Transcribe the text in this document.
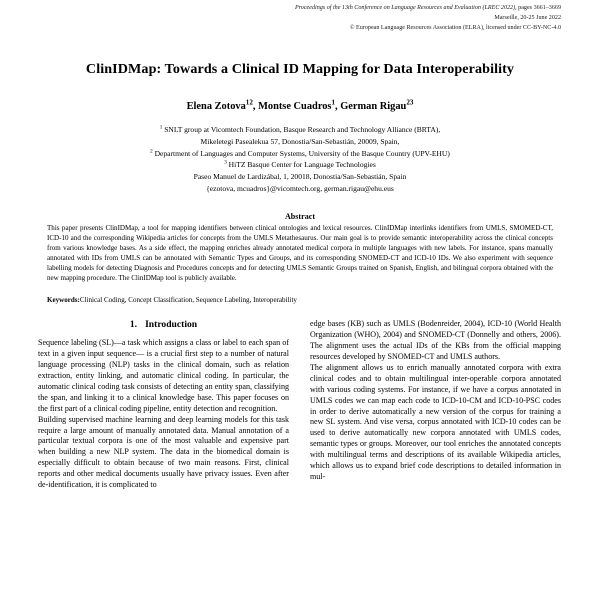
Proceedings of the 13th Conference on Language Resources and Evaluation (LREC 2022), pages 3661–3669
Marseille, 20-25 June 2022
© European Language Resources Association (ELRA), licensed under CC-BY-NC-4.0
ClinIDMap: Towards a Clinical ID Mapping for Data Interoperability
Elena Zotova$^{12}$, Montse Cuadros$^1$, German Rigau$^{23}$
$^1$ SNLT group at Vicomtech Foundation, Basque Research and Technology Alliance (BRTA),
Mikeletegi Pasealekua 57, Donostia/San-Sebastián, 20009, Spain,
$^2$ Department of Languages and Computer Systems, University of the Basque Country (UPV-EHU)
$^3$ HiTZ Basque Center for Language Technologies
Paseo Manuel de Lardizábal, 1, 20018, Donostia/San-Sebastián, Spain
{ezotova, mcuadros}@vicomtech.org, german.rigau@ehu.eus
Abstract
This paper presents ClinIDMap, a tool for mapping identifiers between clinical ontologies and lexical resources. ClinIDMap interlinks identifiers from UMLS, SMOMED-CT, ICD-10 and the corresponding Wikipedia articles for concepts from the UMLS Metathesaurus. Our main goal is to provide semantic interoperability across the clinical concepts from various knowledge bases. As a side effect, the mapping enriches already annotated medical corpora in multiple languages with new labels. For instance, spans manually annotated with IDs from UMLS can be annotated with Semantic Types and Groups, and its corresponding SNOMED-CT and ICD-10 IDs. We also experiment with sequence labelling models for detecting Diagnosis and Procedures concepts and for detecting UMLS Semantic Groups trained on Spanish, English, and bilingual corpora obtained with the new mapping procedure. The ClinIDMap tool is publicly available.
Keywords:Clinical Coding, Concept Classification, Sequence Labeling, Interoperability
1. Introduction

Sequence labeling (SL)—a task which assigns a class or label to each span of text in a given input sequence— is a crucial first step to a number of natural language processing (NLP) tasks in the clinical domain, such as relation extraction, entity linking, and automatic clinical coding. In particular, the automatic clinical coding task consists of detecting an entity span, classifying the span, and linking it to a clinical knowledge base. This paper focuses on the first part of a clinical coding pipeline, entity detection and recognition.

Building supervised machine learning and deep learning models for this task require a large amount of manually annotated data. Manual annotation of a particular textual corpora is one of the most valuable and expensive part when building a new NLP system. The data in the biomedical domain is especially difficult to obtain because of two main reasons. First, clinical reports and other medical documents usually have privacy issues. Even after de-identification, it is complicated to

edge bases (KB) such as UMLS (Bodenreider, 2004), ICD-10 (World Health Organization (WHO), 2004) and SNOMED-CT (Donnelly and others, 2006). The alignment uses the actual IDs of the KBs from the official mapping resources developed by SNOMED-CT and UMLS authors.

The alignment allows us to enrich manually annotated corpora with extra clinical codes and to obtain multilingual inter-operable corpora annotated with various coding systems. For instance, if we have a corpus annotated in UMLS codes we can map each code to ICD-10-CM and ICD-10-PSC codes in order to derive automatically a new version of the corpus for training a new SL system. And vise versa, corpus annotated with ICD-10 codes can be used to derive automatically new corpora annotated with UMLS codes, semantic types or groups. Moreover, our tool enriches the annotated concepts with multilingual terms and descriptions of its available Wikipedia articles, which allows us to expand brief code descriptions to detailed information in mul-
